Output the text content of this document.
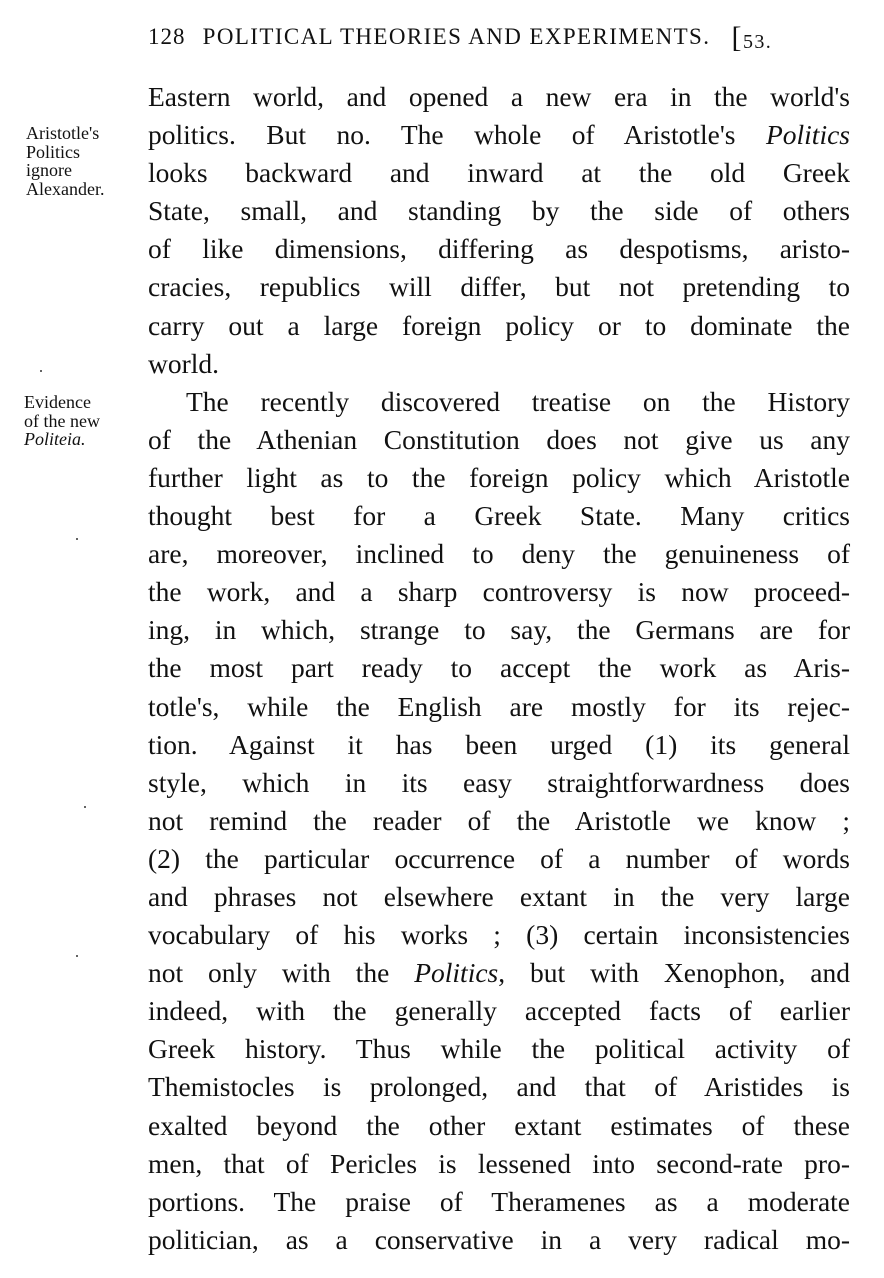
128 POLITICAL THEORIES AND EXPERIMENTS. [53.
Aristotle's
Politics
ignore
Alexander.
Evidence
of the new
Politeia.
Eastern world, and opened a new era in the world's
politics. But no. The whole of Aristotle's Politics
looks backward and inward at the old Greek
State, small, and standing by the side of others
of like dimensions, differing as despotisms, aristo-
cracies, republics will differ, but not pretending to
carry out a large foreign policy or to dominate the
world.
The recently discovered treatise on the History
of the Athenian Constitution does not give us any
further light as to the foreign policy which Aristotle
thought best for a Greek State. Many critics
are, moreover, inclined to deny the genuineness of
the work, and a sharp controversy is now proceed-
ing, in which, strange to say, the Germans are for
the most part ready to accept the work as Aris-
totle's, while the English are mostly for its rejec-
tion. Against it has been urged (1) its general
style, which in its easy straightforwardness does
not remind the reader of the Aristotle we know ;
(2) the particular occurrence of a number of words
and phrases not elsewhere extant in the very large
vocabulary of his works ; (3) certain inconsistencies
not only with the Politics, but with Xenophon, and
indeed, with the generally accepted facts of earlier
Greek history. Thus while the political activity of
Themistocles is prolonged, and that of Aristides is
exalted beyond the other extant estimates of these
men, that of Pericles is lessened into second-rate pro-
portions. The praise of Theramenes as a moderate
politician, as a conservative in a very radical mo-
